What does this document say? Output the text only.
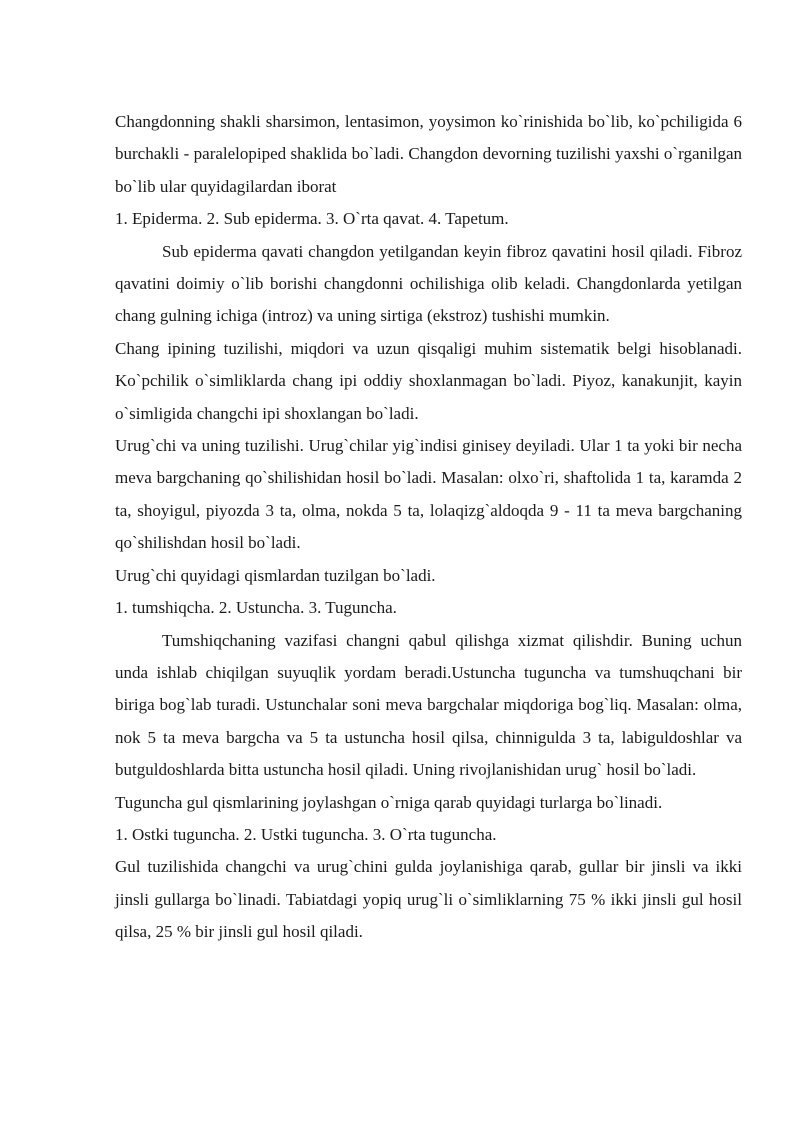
Changdonning shakli sharsimon, lentasimon, yoysimon ko`rinishida bo`lib, ko`pchiligida 6 burchakli - paralelopiped shaklida bo`ladi. Changdon devorning tuzilishi yaxshi o`rganilgan bo`lib ular quyidagilardan iborat

1. Epiderma. 2. Sub epiderma. 3. O`rta qavat. 4. Tapetum.

Sub epiderma qavati changdon yetilgandan keyin fibroz qavatini hosil qiladi. Fibroz qavatini doimiy o`lib borishi changdonni ochilishiga olib keladi. Changdonlarda yetilgan chang gulning ichiga (introz) va uning sirtiga (ekstroz) tushishi mumkin.

Chang ipining tuzilishi, miqdori va uzun qisqaligi muhim sistematik belgi hisoblanadi. Ko`pchilik o`simliklarda chang ipi oddiy shoxlanmagan bo`ladi. Piyoz, kanakunjit, kayin o`simligida changchi ipi shoxlangan bo`ladi.

Urug`chi va uning tuzilishi. Urug`chilar yig`indisi ginisey deyiladi. Ular 1 ta yoki bir necha meva bargchaning qo`shilishidan hosil bo`ladi. Masalan: olxo`ri, shaftolida 1 ta, karamda 2 ta, shoyigul, piyozda 3 ta, olma, nokda 5 ta, lolaqizg`aldoqda 9 - 11 ta meva bargchaning qo`shilishdan hosil bo`ladi.

Urug`chi quyidagi qismlardan tuzilgan bo`ladi.

1. tumshiqcha. 2. Ustuncha. 3. Tuguncha.

Tumshiqchaning vazifasi changni qabul qilishga xizmat qilishdir. Buning uchun unda ishlab chiqilgan suyuqlik yordam beradi.Ustuncha tuguncha va tumshuqchani bir biriga bog`lab turadi. Ustunchalar soni meva bargchalar miqdoriga bog`liq. Masalan: olma, nok 5 ta meva bargcha va 5 ta ustuncha hosil qilsa, chinnigulda 3 ta, labiguldoshlar va butguldoshlarda bitta ustuncha hosil qiladi. Uning rivojlanishidan urug` hosil bo`ladi.

Tuguncha gul qismlarining joylashgan o`rniga qarab quyidagi turlarga bo`linadi.

1. Ostki tuguncha. 2. Ustki tuguncha. 3. O`rta tuguncha.

Gul tuzilishida changchi va urug`chini gulda joylanishiga qarab, gullar bir jinsli va ikki jinsli gullarga bo`linadi. Tabiatdagi yopiq urug`li o`simliklarning 75 % ikki jinsli gul hosil qilsa, 25 % bir jinsli gul hosil qiladi.
